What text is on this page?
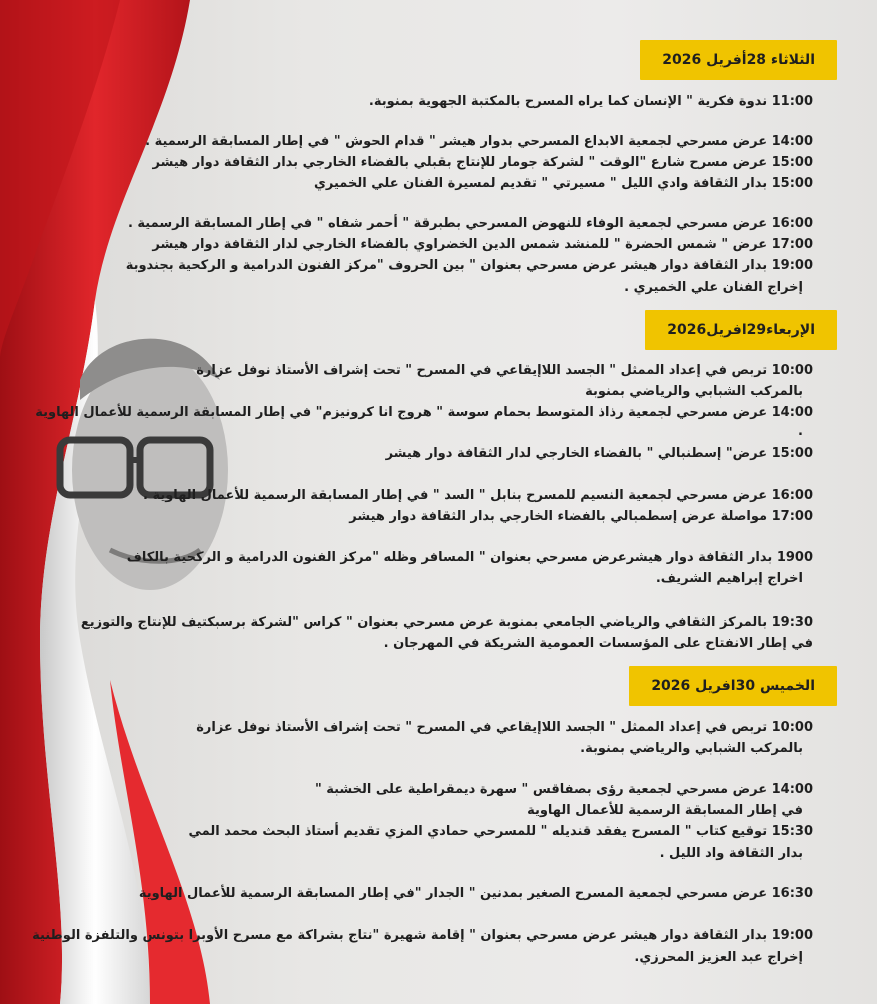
الثلاثاء 28أفريل 2026
11:00 ندوة فكرية " الإنسان كما يراه المسرح بالمكتبة الجهوية بمنوبة.
14:00 عرض مسرحي لجمعية الابداع المسرحي بدوار هيشر " قدام الحوش " في إطار المسابقة الرسمية .
15:00 عرض مسرح شارع "الوقت " لشركة جومار للإنتاج بقبلي بالفضاء الخارجي بدار الثقافة دوار هيشر
15:00 بدار الثقافة وادي الليل " مسيرتي " تقديم لمسيرة الفنان علي الخميري
16:00 عرض مسرحي لجمعية الوفاء للنهوض المسرحي بطبرقة " أحمر شفاه " في إطار المسابقة الرسمية .
17:00 عرض " شمس الحضرة " للمنشد شمس الدين الخضراوي بالفضاء الخارجي لدار الثقافة دوار هيشر
19:00 بدار الثقافة دوار هيشر عرض مسرحي بعنوان " بين الحروف "مركز الفنون الدرامية و الركحية بجندوبة
إخراج الفنان علي الخميري .
الإربعاء29افريل2026
10:00 تربص في إعداد الممثل " الجسد اللاإيقاعي في المسرح " تحت إشراف الأستاذ نوفل عزارة
بالمركب الشبابي والرياضي بمنوبة
14:00 عرض مسرحي لجمعية رذاذ المتوسط بحمام سوسة " هروج انا كرونيزم" في إطار المسابقة الرسمية للأعمال الهاوية
.
15:00 عرض" إسطنبالي " بالفضاء الخارجي لدار الثقافة دوار هيشر
16:00 عرض مسرحي لجمعية النسيم للمسرح بنابل " السد " في إطار المسابقة الرسمية للأعمال الهاوية .
17:00 مواصلة عرض إسطمبالي بالفضاء الخارجي بدار الثقافة دوار هيشر
1900 بدار الثقافة دوار هيشرعرض مسرحي بعنوان " المسافر وظله "مركز الفنون الدرامية و الركحية بالكاف
اخراج إبراهيم الشريف.
19:30 بالمركز الثقافي والرياضي الجامعي بمنوبة عرض مسرحي بعنوان " كراس "لشركة برسبكتيف للإنتاج والتوزيع
في إطار الانفتاح على المؤسسات العمومية الشريكة في المهرجان .
الخميس 30افريل 2026
10:00 تربص في إعداد الممثل " الجسد اللاإيقاعي في المسرح " تحت إشراف الأستاذ نوفل عزارة
بالمركب الشبابي والرياضي بمنوبة.
14:00 عرض مسرحي لجمعية رؤى بصفاقس " سهرة ديمقراطية على الخشبة "
في إطار المسابقة الرسمية للأعمال الهاوية
15:30 توقيع كتاب " المسرح يفقد قنديله " للمسرحي حمادي المزي تقديم أستاذ البحث محمد المي
بدار الثقافة واد الليل .
16:30 عرض مسرحي لجمعية المسرح الصغير بمدنين " الجدار "في إطار المسابقة الرسمية للأعمال الهاوية
19:00 بدار الثقافة دوار هيشر عرض مسرحي بعنوان " إقامة شهيرة "نتاج بشراكة مع مسرح الأوبرا بتونس والتلفزة الوطنية
إخراج عبد العزيز المحرزي.
